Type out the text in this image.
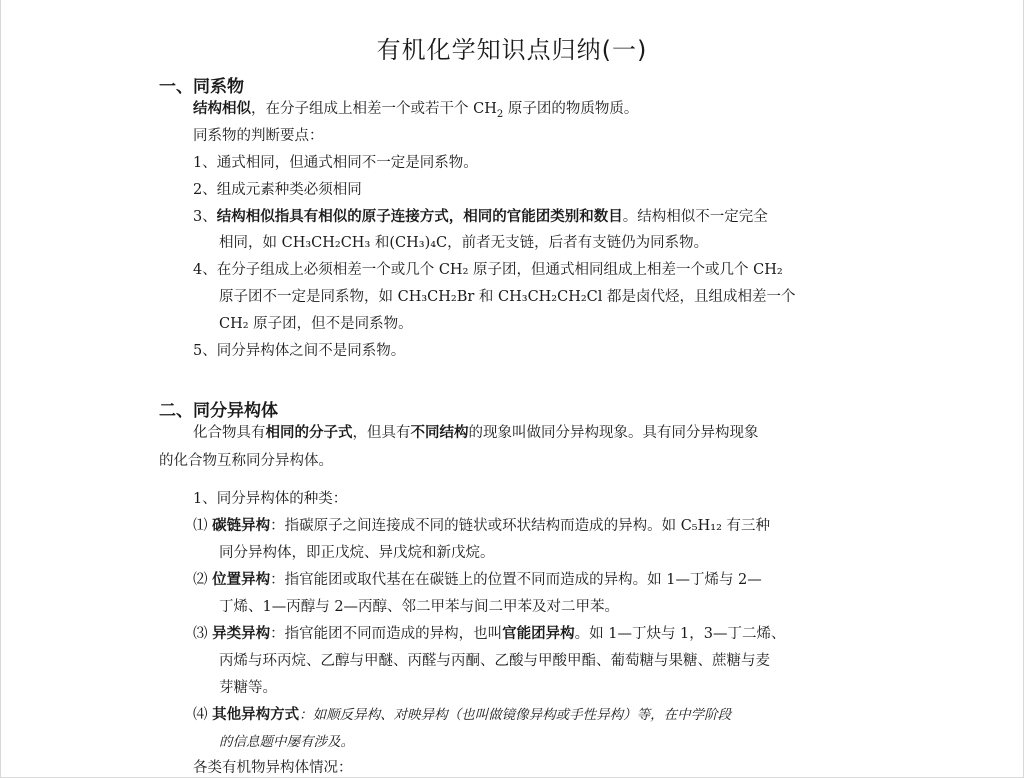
有机化学知识点归纳(一)
一、同系物

结构相似，在分子组成上相差一个或若干个 $CH_2$ 原子团的物质物质。

同系物的判断要点：

1、通式相同，但通式相同不一定是同系物。

2、组成元素种类必须相同

3、结构相似指具有相似的原子连接方式，相同的官能团类别和数目。结构相似不一定完全

相同，如 CH₃CH₂CH₃ 和(CH₃)₄C，前者无支链，后者有支链仍为同系物。

4、在分子组成上必须相差一个或几个 CH₂ 原子团，但通式相同组成上相差一个或几个 CH₂

原子团不一定是同系物，如 CH₃CH₂Br 和 CH₃CH₂CH₂Cl 都是卤代烃，且组成相差一个

CH₂ 原子团，但不是同系物。

5、同分异构体之间不是同系物。

二、同分异构体

化合物具有相同的分子式，但具有不同结构的现象叫做同分异构现象。具有同分异构现象

的化合物互称同分异构体。

1、同分异构体的种类：

⑴ 碳链异构：指碳原子之间连接成不同的链状或环状结构而造成的异构。如 C₅H₁₂ 有三种

同分异构体，即正戊烷、异戊烷和新戊烷。

⑵ 位置异构：指官能团或取代基在在碳链上的位置不同而造成的异构。如 1—丁烯与 2—

丁烯、1—丙醇与 2—丙醇、邻二甲苯与间二甲苯及对二甲苯。

⑶ 异类异构：指官能团不同而造成的异构，也叫官能团异构。如 1—丁炔与 1，3—丁二烯、

丙烯与环丙烷、乙醇与甲醚、丙醛与丙酮、乙酸与甲酸甲酯、葡萄糖与果糖、蔗糖与麦

芽糖等。

⑷ 其他异构方式：如顺反异构、对映异构（也叫做镜像异构或手性异构）等，在中学阶段

的信息题中屡有涉及。

各类有机物异构体情况：
